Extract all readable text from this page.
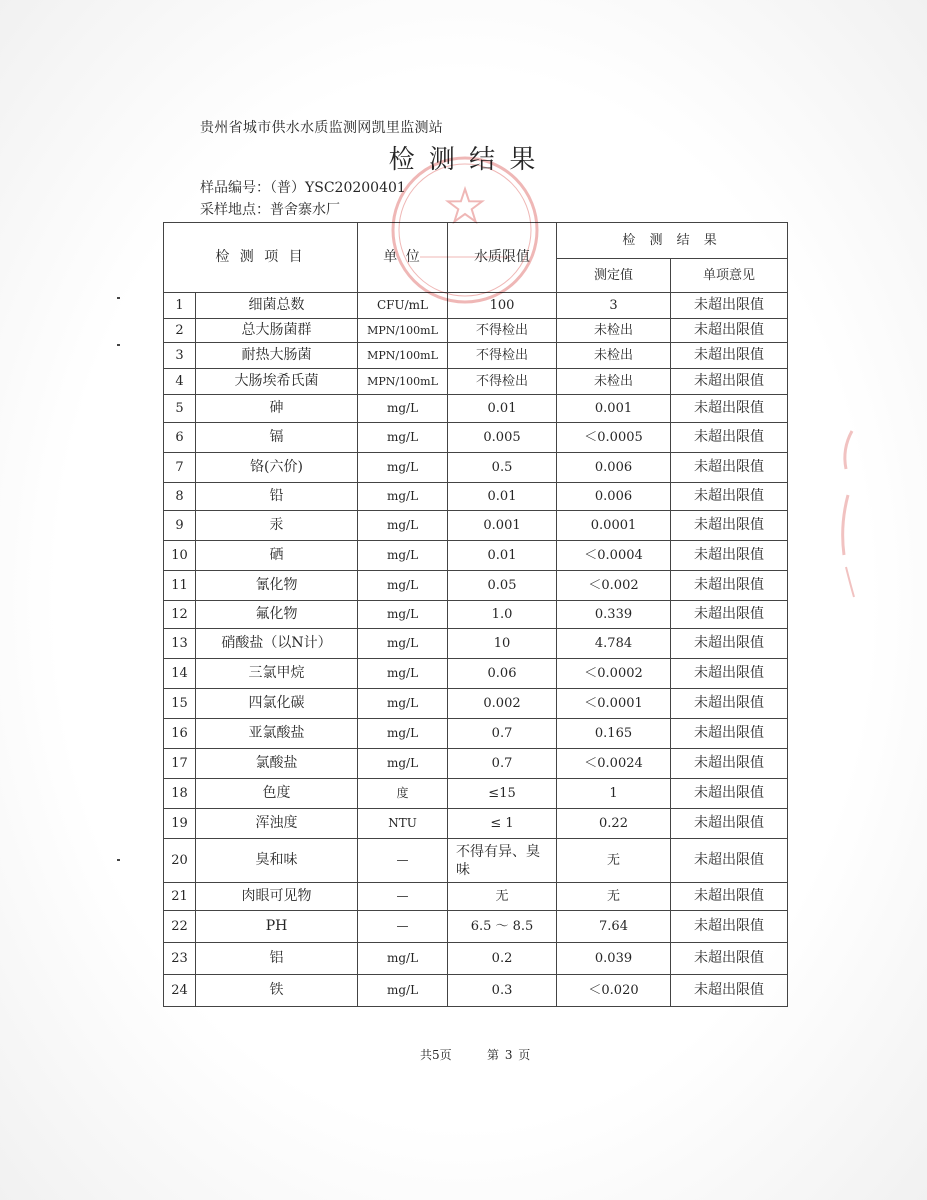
贵州省城市供水水质监测网凯里监测站
检 测 结 果
样品编号：（普）YSC20200401
采样地点：普舍寨水厂
检 测 项 目		单 位	水质限值	检 测 结 果	
				测定值	单项意见
1	细菌总数	CFU/mL	100	3	未超出限值
2	总大肠菌群	MPN/100mL	不得检出	未检出	未超出限值
3	耐热大肠菌	MPN/100mL	不得检出	未检出	未超出限值
4	大肠埃希氏菌	MPN/100mL	不得检出	未检出	未超出限值
5	砷	mg/L	0.01	0.001	未超出限值
6	镉	mg/L	0.005	＜0.0005	未超出限值
7	铬(六价)	mg/L	0.5	0.006	未超出限值
8	铅	mg/L	0.01	0.006	未超出限值
9	汞	mg/L	0.001	0.0001	未超出限值
10	硒	mg/L	0.01	＜0.0004	未超出限值
11	氰化物	mg/L	0.05	＜0.002	未超出限值
12	氟化物	mg/L	1.0	0.339	未超出限值
13	硝酸盐（以N计）	mg/L	10	4.784	未超出限值
14	三氯甲烷	mg/L	0.06	＜0.0002	未超出限值
15	四氯化碳	mg/L	0.002	＜0.0001	未超出限值
16	亚氯酸盐	mg/L	0.7	0.165	未超出限值
17	氯酸盐	mg/L	0.7	＜0.0024	未超出限值
18	色度	度	≤15	1	未超出限值
19	浑浊度	NTU	≤ 1	0.22	未超出限值
20	臭和味	—	不得有异、臭味	无	未超出限值
21	肉眼可见物	—	无	无	未超出限值
22	PH	—	6.5 ～ 8.5	7.64	未超出限值
23	铝	mg/L	0.2	0.039	未超出限值
24	铁	mg/L	0.3	＜0.020	未超出限值
共5页	第 3 页
